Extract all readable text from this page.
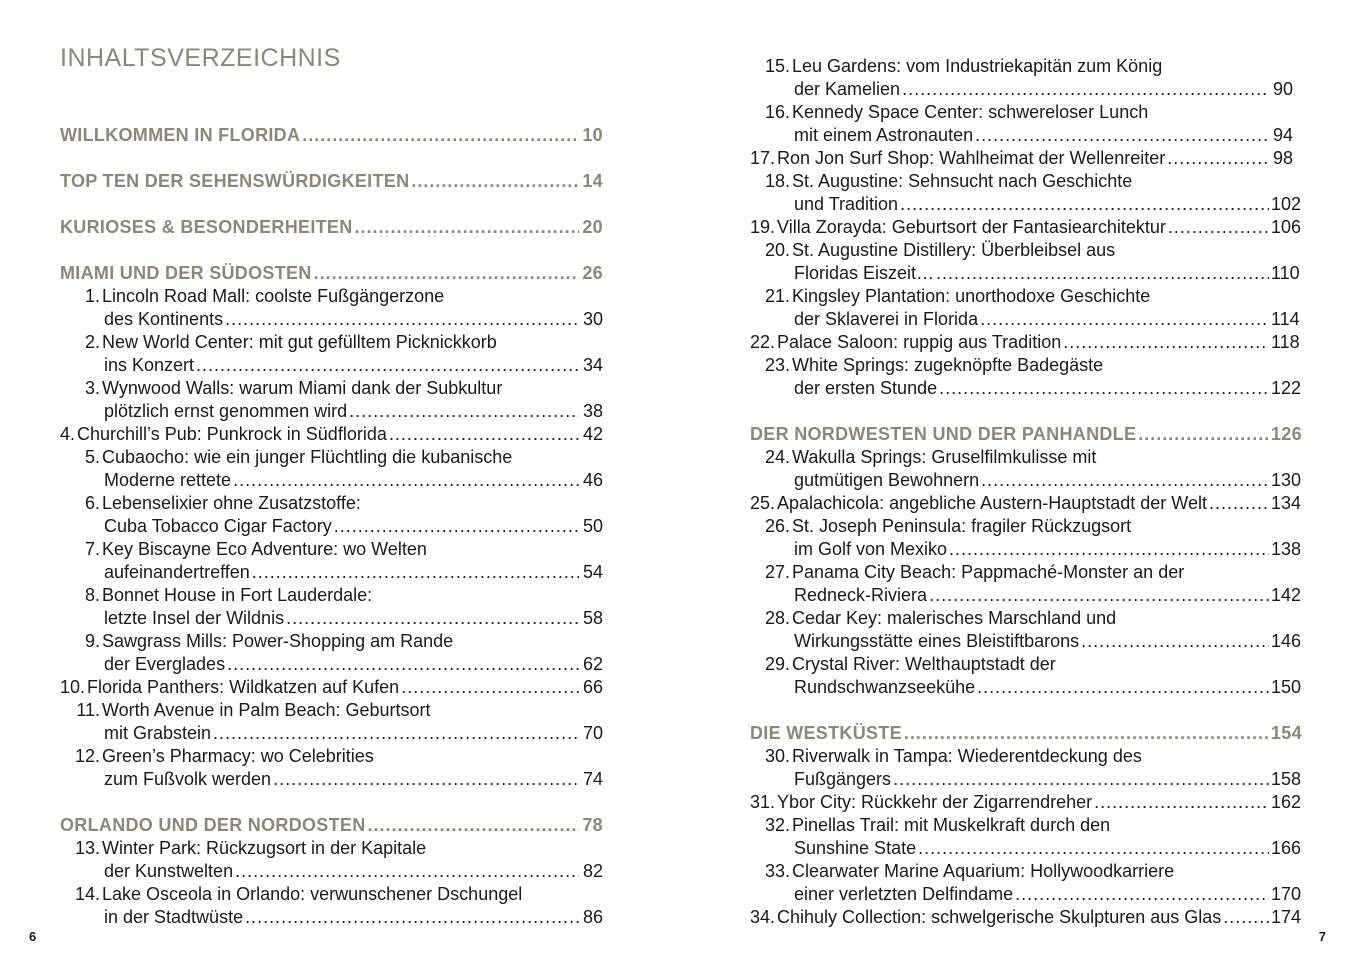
INHALTSVERZEICHNIS
WILLKOMMEN IN FLORIDA .....	10
TOP TEN DER SEHENSWÜRDIGKEITEN .....	14
KURIOSES & BESONDERHEITEN .....	20
MIAMI UND DER SÜDOSTEN .....	26
1. Lincoln Road Mall: coolste Fußgängerzone
des Kontinents .....	30
2. New World Center: mit gut gefülltem Picknickkorb
ins Konzert .....	34
3. Wynwood Walls: warum Miami dank der Subkultur
plötzlich ernst genommen wird .....	38
4. Churchill’s Pub: Punkrock in Südflorida .....	42
5. Cubaocho: wie ein junger Flüchtling die kubanische
Moderne rettete .....	46
6. Lebenselixier ohne Zusatzstoffe:
Cuba Tobacco Cigar Factory .....	50
7. Key Biscayne Eco Adventure: wo Welten
aufeinandertreffen .....	54
8. Bonnet House in Fort Lauderdale:
letzte Insel der Wildnis .....	58
9. Sawgrass Mills: Power-Shopping am Rande
der Everglades .....	62
10. Florida Panthers: Wildkatzen auf Kufen .....	66
11. Worth Avenue in Palm Beach: Geburtsort
mit Grabstein .....	70
12. Green’s Pharmacy: wo Celebrities
zum Fußvolk werden .....	74
ORLANDO UND DER NORDOSTEN .....	78
13. Winter Park: Rückzugsort in der Kapitale
der Kunstwelten .....	82
14. Lake Osceola in Orlando: verwunschener Dschungel
in der Stadtwüste .....	86
6
15. Leu Gardens: vom Industriekapitän zum König
der Kamelien .....	90
16. Kennedy Space Center: schwereloser Lunch
mit einem Astronauten .....	94
17. Ron Jon Surf Shop: Wahlheimat der Wellenreiter .....	98
18. St. Augustine: Sehnsucht nach Geschichte
und Tradition .....	102
19. Villa Zorayda: Geburtsort der Fantasiearchitektur .....	106
20. St. Augustine Distillery: Überbleibsel aus
Floridas Eiszeit… .....	110
21. Kingsley Plantation: unorthodoxe Geschichte
der Sklaverei in Florida .....	114
22. Palace Saloon: ruppig aus Tradition .....	118
23. White Springs: zugeknöpfte Badegäste
der ersten Stunde .....	122
DER NORDWESTEN UND DER PANHANDLE .....	126
24. Wakulla Springs: Gruselfilmkulisse mit
gutmütigen Bewohnern .....	130
25. Apalachicola: angebliche Austern-Hauptstadt der Welt .....	134
26. St. Joseph Peninsula: fragiler Rückzugsort
im Golf von Mexiko .....	138
27. Panama City Beach: Pappmaché-Monster an der
Redneck-Riviera .....	142
28. Cedar Key: malerisches Marschland und
Wirkungsstätte eines Bleistiftbarons .....	146
29. Crystal River: Welthauptstadt der
Rundschwanzseekühe .....	150
DIE WESTKÜSTE .....	154
30. Riverwalk in Tampa: Wiederentdeckung des
Fußgängers .....	158
31. Ybor City: Rückkehr der Zigarrendreher .....	162
32. Pinellas Trail: mit Muskelkraft durch den
Sunshine State .....	166
33. Clearwater Marine Aquarium: Hollywoodkarriere
einer verletzten Delfindame .....	170
34. Chihuly Collection: schwelgerische Skulpturen aus Glas .....	174
7
